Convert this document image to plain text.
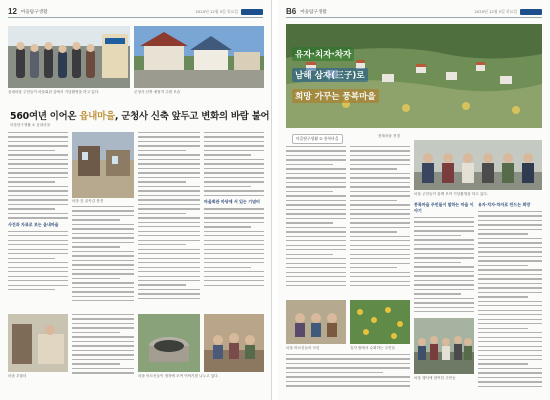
12 마을탐구생활	2020년 12월 5일 목요일
읍내마을 주민들이 마을회관 앞에서 기념촬영을 하고 있다.	군청사 신축 예정지 주변 모습
560여년 이어온 읍내마을, 군청사 신축 앞두고 변화의 바람 불어
마을탐구생활 ① 읍내마을
사진과 자료로 보는 읍내마을
마을 앞 골목길 풍경	마을회관 마당에 서 있는 기념비
마을 우물터	마을 어르신들이 정자에 모여 이야기를 나누고 있다.
B6 마을탐구생활	2020년 12월 5일 목요일
유자·치자·차자
남해 삼자(三子)로
희망 가꾸는 풍복마을
마을탐구생활 ② 풍복마을	풍복마을 전경
마을 주민들이 함께 모여 기념촬영을 하고 있다.
풍복마을 주민들이 말하는 마을 이야기
유자·치자·차자로 만드는 희망
마을 어르신들의 모임	유자 밭에서 수확하는 주민들
마을 행사에 참여한 주민들
